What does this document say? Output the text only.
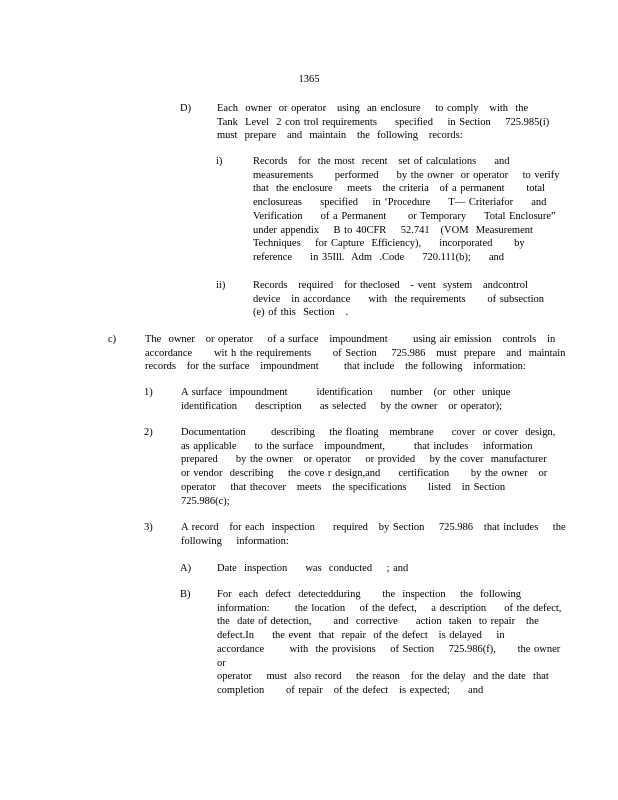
1365
D) Each  owner  or operator   using  an enclosure    to comply   with  the
Tank  Level  2 con trol requirements     specified    in Section    725.985(i)
must  prepare   and  maintain   the  following   records:
i)	Records   for  the most  recent   set of calculations     and
measurements      performed     by the owner  or operator    to verify
that  the enclosure    meets   the criteria   of a permanent      total
enclosureas     specified    in ‘Procedure     T— Criteriafor     and
Verification     of a Permanent      or Temporary     Total Enclosure”
under appendix    B to 40CFR    52.741   (VOM  Measurement
Techniques    for Capture  Efficiency),     incorporated      by
reference     in 35Ill.  Adm  .Code     720.111(b);     and
ii)	Records   required   for theclosed   - vent  system   andcontrol
device   in accordance     with  the requirements      of subsection
(e) of this  Section   .
c)	The  owner   or operator    of a surface   impoundment       using air emission   controls   in
accordance      wit h the requirements      of Section    725.986   must  prepare   and  maintain
records   for the surface   impoundment       that include   the following   information:
1)	A surface  impoundment        identification     number   (or  other  unique
identification     description     as selected    by the owner   or operator);
2)	Documentation       describing    the floating   membrane     cover  or cover  design,
as applicable     to the surface   impoundment,        that includes    information
prepared     by the owner   or operator    or provided    by the cover  manufacturer
or vendor  describing    the cove r design,and     certification      by the owner   or
operator    that thecover   meets   the specifications      listed   in Section
725.986(c);
3)	A record   for each  inspection     required   by Section    725.986   that includes    the
following    information:
A) Date  inspection     was  conducted    ; and
B)	For  each  defect  detectedduring      the  inspection    the  following
information:       the location    of the defect,    a description     of the defect,
the  date of detection,      and  corrective     action  taken  to repair   the
defect.In     the event  that  repair  of the defect   is delayed    in
accordance       with  the provisions    of Section    725.986(f),      the owner   or
operator    must  also record    the reason   for the delay  and the date  that
completion      of repair   of the defect   is expected;     and
